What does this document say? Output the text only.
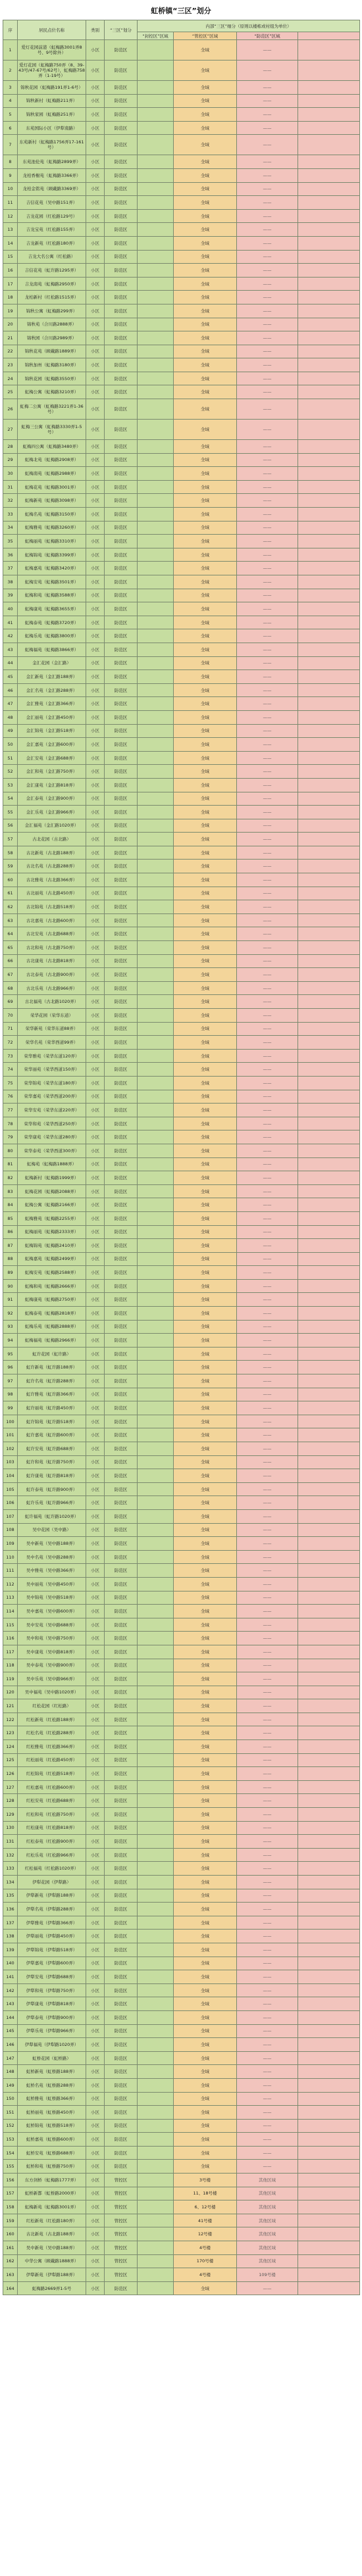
虹桥镇“三区”划分
序	居民点位名称	类别	“三区”划分	内部“三区”细分（原则以楼栋或村组为单位）			
				“封控区”区域	“管控区”区域	“防范区”区域	
1	爱灯花园前港（虹梅路3001弄8号、9号除外）	小区	防范区		全域	——	
2	爱灯花园（虹梅路750弄（8、39-43号/47-67号/62号），虹梅路758弄（1-19号）	小区	防范区		全域	——	
3	锦秋花园（虹梅路191弄1-6号）	小区	防范区		全域	——	
4	锦秋新村（虹梅路211弄）	小区	防范区		全域	——	
5	锦秋家园（虹梅路251弄）	小区	防范区		全域	——	
6	东苑国际小区（伊犁南路）	小区	防范区		全域	——	
7	东苑新村（虹梅路1756弄17-161号）	小区	防范区		全域	——	
8	东苑池伦苑（虹梅路2899弄）	小区	防范区		全域	——	
9	龙柏香榭苑（虹梅路3366弄）	小区	防范区		全域	——	
10	龙柏金铭苑（顾戴路3369弄）	小区	防范区		全域	——	
11	吉信花苑（吴中路151弄）	小区	防范区		全域	——	
12	吉龙花园（红松路129号）	小区	防范区		全域	——	
13	吉龙宝苑（红松路155弄）	小区	防范区		全域	——	
14	吉龙新苑（红松路180弄）	小区	防范区		全域	——	
15	吉龙大名公寓（红松路）	小区	防范区		全域	——	
16	吉信花苑（虹许路1295弄）	小区	防范区		全域	——	
17	吉龙南苑（虹梅路2950弄）	小区	防范区		全域	——	
18	龙柏新村（红松路1515弄）	小区	防范区		全域	——	
19	锦秋公寓（虹梅路299弄）	小区	防范区		全域	——	
20	锦秋苑（合川路2888弄）	小区	防范区		全域	——	
21	锦秋园（合川路2989弄）	小区	防范区		全域	——	
22	锦秋花苑（顾戴路1889弄）	小区	防范区		全域	——	
23	锦秋加州（虹梅路3180弄）	小区	防范区		全域	——	
24	锦秋花园（虹梅路3550弄）	小区	防范区		全域	——	
25	虹梅公寓（虹梅路3210弄）	小区	防范区		全域	——	
26	虹梅二公寓（虹梅路3221弄1-36号）	小区	防范区		全域	——	
27	虹梅三公寓（虹梅路3330弄1-5号）	小区	防范区		全域	——	
28	虹梅四公寓（虹梅路3480弄）	小区	防范区		全域	——	
29	虹梅北苑（虹梅路2908弄）	小区	防范区		全域	——	
30	虹梅南苑（虹梅路2988弄）	小区	防范区		全域	——	
31	虹梅花苑（虹梅路3001弄）	小区	防范区		全域	——	
32	虹梅新苑（虹梅路3098弄）	小区	防范区		全域	——	
33	虹梅名苑（虹梅路3150弄）	小区	防范区		全域	——	
34	虹梅雅苑（虹梅路3260弄）	小区	防范区		全域	——	
35	虹梅丽苑（虹梅路3310弄）	小区	防范区		全域	——	
36	虹梅锦苑（虹梅路3399弄）	小区	防范区		全域	——	
37	虹梅嘉苑（虹梅路3420弄）	小区	防范区		全域	——	
38	虹梅安苑（虹梅路3501弄）	小区	防范区		全域	——	
39	虹梅和苑（虹梅路3588弄）	小区	防范区		全域	——	
40	虹梅康苑（虹梅路3655弄）	小区	防范区		全域	——	
41	虹梅泰苑（虹梅路3720弄）	小区	防范区		全域	——	
42	虹梅乐苑（虹梅路3800弄）	小区	防范区		全域	——	
43	虹梅福苑（虹梅路3866弄）	小区	防范区		全域	——	
44	金汇花园（金汇路）	小区	防范区		全域	——	
45	金汇新苑（金汇路188弄）	小区	防范区		全域	——	
46	金汇名苑（金汇路288弄）	小区	防范区		全域	——	
47	金汇雅苑（金汇路366弄）	小区	防范区		全域	——	
48	金汇丽苑（金汇路450弄）	小区	防范区		全域	——	
49	金汇锦苑（金汇路518弄）	小区	防范区		全域	——	
50	金汇嘉苑（金汇路600弄）	小区	防范区		全域	——	
51	金汇安苑（金汇路688弄）	小区	防范区		全域	——	
52	金汇和苑（金汇路750弄）	小区	防范区		全域	——	
53	金汇康苑（金汇路818弄）	小区	防范区		全域	——	
54	金汇泰苑（金汇路900弄）	小区	防范区		全域	——	
55	金汇乐苑（金汇路966弄）	小区	防范区		全域	——	
56	金汇福苑（金汇路1020弄）	小区	防范区		全域	——	
57	古北花园（古北路）	小区	防范区		全域	——	
58	古北新苑（古北路188弄）	小区	防范区		全域	——	
59	古北名苑（古北路288弄）	小区	防范区		全域	——	
60	古北雅苑（古北路366弄）	小区	防范区		全域	——	
61	古北丽苑（古北路450弄）	小区	防范区		全域	——	
62	古北锦苑（古北路518弄）	小区	防范区		全域	——	
63	古北嘉苑（古北路600弄）	小区	防范区		全域	——	
64	古北安苑（古北路688弄）	小区	防范区		全域	——	
65	古北和苑（古北路750弄）	小区	防范区		全域	——	
66	古北康苑（古北路818弄）	小区	防范区		全域	——	
67	古北泰苑（古北路900弄）	小区	防范区		全域	——	
68	古北乐苑（古北路966弄）	小区	防范区		全域	——	
69	古北福苑（古北路1020弄）	小区	防范区		全域	——	
70	荣华花园（荣华东道）	小区	防范区		全域	——	
71	荣华新苑（荣华东道88弄）	小区	防范区		全域	——	
72	荣华名苑（荣华西道99弄）	小区	防范区		全域	——	
73	荣华雅苑（荣华东道120弄）	小区	防范区		全域	——	
74	荣华丽苑（荣华西道150弄）	小区	防范区		全域	——	
75	荣华锦苑（荣华东道180弄）	小区	防范区		全域	——	
76	荣华嘉苑（荣华西道200弄）	小区	防范区		全域	——	
77	荣华安苑（荣华东道220弄）	小区	防范区		全域	——	
78	荣华和苑（荣华西道250弄）	小区	防范区		全域	——	
79	荣华康苑（荣华东道280弄）	小区	防范区		全域	——	
80	荣华泰苑（荣华西道300弄）	小区	防范区		全域	——	
81	虹梅苑（虹梅路1888弄）	小区	防范区		全域	——	
82	虹梅新村（虹梅路1999弄）	小区	防范区		全域	——	
83	虹梅花园（虹梅路2088弄）	小区	防范区		全域	——	
84	虹梅公寓（虹梅路2166弄）	小区	防范区		全域	——	
85	虹梅雅苑（虹梅路2255弄）	小区	防范区		全域	——	
86	虹梅丽苑（虹梅路2333弄）	小区	防范区		全域	——	
87	虹梅锦苑（虹梅路2410弄）	小区	防范区		全域	——	
88	虹梅嘉苑（虹梅路2499弄）	小区	防范区		全域	——	
89	虹梅安苑（虹梅路2588弄）	小区	防范区		全域	——	
90	虹梅和苑（虹梅路2666弄）	小区	防范区		全域	——	
91	虹梅康苑（虹梅路2750弄）	小区	防范区		全域	——	
92	虹梅泰苑（虹梅路2818弄）	小区	防范区		全域	——	
93	虹梅乐苑（虹梅路2888弄）	小区	防范区		全域	——	
94	虹梅福苑（虹梅路2966弄）	小区	防范区		全域	——	
95	虹许花园（虹许路）	小区	防范区		全域	——	
96	虹许新苑（虹许路188弄）	小区	防范区		全域	——	
97	虹许名苑（虹许路288弄）	小区	防范区		全域	——	
98	虹许雅苑（虹许路366弄）	小区	防范区		全域	——	
99	虹许丽苑（虹许路450弄）	小区	防范区		全域	——	
100	虹许锦苑（虹许路518弄）	小区	防范区		全域	——	
101	虹许嘉苑（虹许路600弄）	小区	防范区		全域	——	
102	虹许安苑（虹许路688弄）	小区	防范区		全域	——	
103	虹许和苑（虹许路750弄）	小区	防范区		全域	——	
104	虹许康苑（虹许路818弄）	小区	防范区		全域	——	
105	虹许泰苑（虹许路900弄）	小区	防范区		全域	——	
106	虹许乐苑（虹许路966弄）	小区	防范区		全域	——	
107	虹许福苑（虹许路1020弄）	小区	防范区		全域	——	
108	吴中花园（吴中路）	小区	防范区		全域	——	
109	吴中新苑（吴中路188弄）	小区	防范区		全域	——	
110	吴中名苑（吴中路288弄）	小区	防范区		全域	——	
111	吴中雅苑（吴中路366弄）	小区	防范区		全域	——	
112	吴中丽苑（吴中路450弄）	小区	防范区		全域	——	
113	吴中锦苑（吴中路518弄）	小区	防范区		全域	——	
114	吴中嘉苑（吴中路600弄）	小区	防范区		全域	——	
115	吴中安苑（吴中路688弄）	小区	防范区		全域	——	
116	吴中和苑（吴中路750弄）	小区	防范区		全域	——	
117	吴中康苑（吴中路818弄）	小区	防范区		全域	——	
118	吴中泰苑（吴中路900弄）	小区	防范区		全域	——	
119	吴中乐苑（吴中路966弄）	小区	防范区		全域	——	
120	吴中福苑（吴中路1020弄）	小区	防范区		全域	——	
121	红松花园（红松路）	小区	防范区		全域	——	
122	红松新苑（红松路188弄）	小区	防范区		全域	——	
123	红松名苑（红松路288弄）	小区	防范区		全域	——	
124	红松雅苑（红松路366弄）	小区	防范区		全域	——	
125	红松丽苑（红松路450弄）	小区	防范区		全域	——	
126	红松锦苑（红松路518弄）	小区	防范区		全域	——	
127	红松嘉苑（红松路600弄）	小区	防范区		全域	——	
128	红松安苑（红松路688弄）	小区	防范区		全域	——	
129	红松和苑（红松路750弄）	小区	防范区		全域	——	
130	红松康苑（红松路818弄）	小区	防范区		全域	——	
131	红松泰苑（红松路900弄）	小区	防范区		全域	——	
132	红松乐苑（红松路966弄）	小区	防范区		全域	——	
133	红松福苑（红松路1020弄）	小区	防范区		全域	——	
134	伊犁花园（伊犁路）	小区	防范区		全域	——	
135	伊犁新苑（伊犁路188弄）	小区	防范区		全域	——	
136	伊犁名苑（伊犁路288弄）	小区	防范区		全域	——	
137	伊犁雅苑（伊犁路366弄）	小区	防范区		全域	——	
138	伊犁丽苑（伊犁路450弄）	小区	防范区		全域	——	
139	伊犁锦苑（伊犁路518弄）	小区	防范区		全域	——	
140	伊犁嘉苑（伊犁路600弄）	小区	防范区		全域	——	
141	伊犁安苑（伊犁路688弄）	小区	防范区		全域	——	
142	伊犁和苑（伊犁路750弄）	小区	防范区		全域	——	
143	伊犁康苑（伊犁路818弄）	小区	防范区		全域	——	
144	伊犁泰苑（伊犁路900弄）	小区	防范区		全域	——	
145	伊犁乐苑（伊犁路966弄）	小区	防范区		全域	——	
146	伊犁福苑（伊犁路1020弄）	小区	防范区		全域	——	
147	虹桥花园（虹桥路）	小区	防范区		全域	——	
148	虹桥新苑（虹桥路188弄）	小区	防范区		全域	——	
149	虹桥名苑（虹桥路288弄）	小区	防范区		全域	——	
150	虹桥雅苑（虹桥路366弄）	小区	防范区		全域	——	
151	虹桥丽苑（虹桥路450弄）	小区	防范区		全域	——	
152	虹桥锦苑（虹桥路518弄）	小区	防范区		全域	——	
153	虹桥嘉苑（虹桥路600弄）	小区	防范区		全域	——	
154	虹桥安苑（虹桥路688弄）	小区	防范区		全域	——	
155	虹桥和苑（虹桥路750弄）	小区	防范区		全域	——	
156	东方剑桥（虹梅路1777弄）	小区	管控区		3号楼	其他区域	
157	虹桥新都（虹桥路2000弄）	小区	管控区		11、18号楼	其他区域	
158	虹梅新苑（虹梅路3001弄）	小区	管控区		6、12号楼	其他区域	
159	红松新苑（红松路180弄）	小区	管控区		41号楼	其他区域	
160	古北新苑（古北路188弄）	小区	管控区		12号楼	其他区域	
161	吴中新苑（吴中路188弄）	小区	管控区		4号楼	其他区域	
162	中华公寓（顾戴路1888弄）	小区	管控区		170号楼	其他区域	
163	伊犁新苑（伊犁路188弄）	小区	管控区		4号楼	109号楼	
164	虹梅路2669弄1-5号	小区	防范区		全域	——	
